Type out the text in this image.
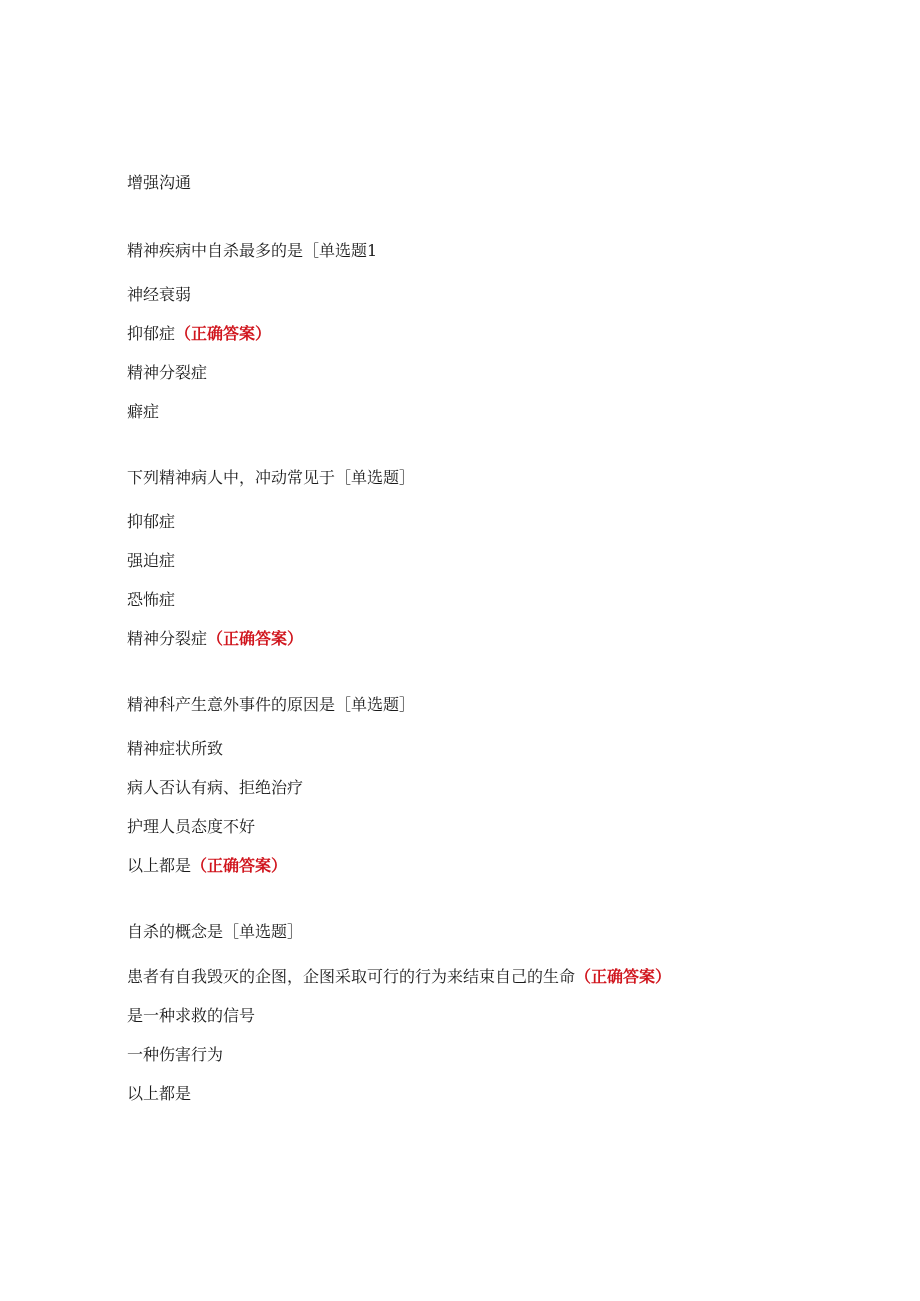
增强沟通
精神疾病中自杀最多的是［单选题1
神经衰弱
抑郁症（正确答案）
精神分裂症
癖症
下列精神病人中，冲动常见于［单选题］
抑郁症
强迫症
恐怖症
精神分裂症（正确答案）
精神科产生意外事件的原因是［单选题］
精神症状所致
病人否认有病、拒绝治疗
护理人员态度不好
以上都是（正确答案）
自杀的概念是［单选题］
患者有自我毁灭的企图，企图采取可行的行为来结束自己的生命（正确答案）
是一种求救的信号
一种伤害行为
以上都是
